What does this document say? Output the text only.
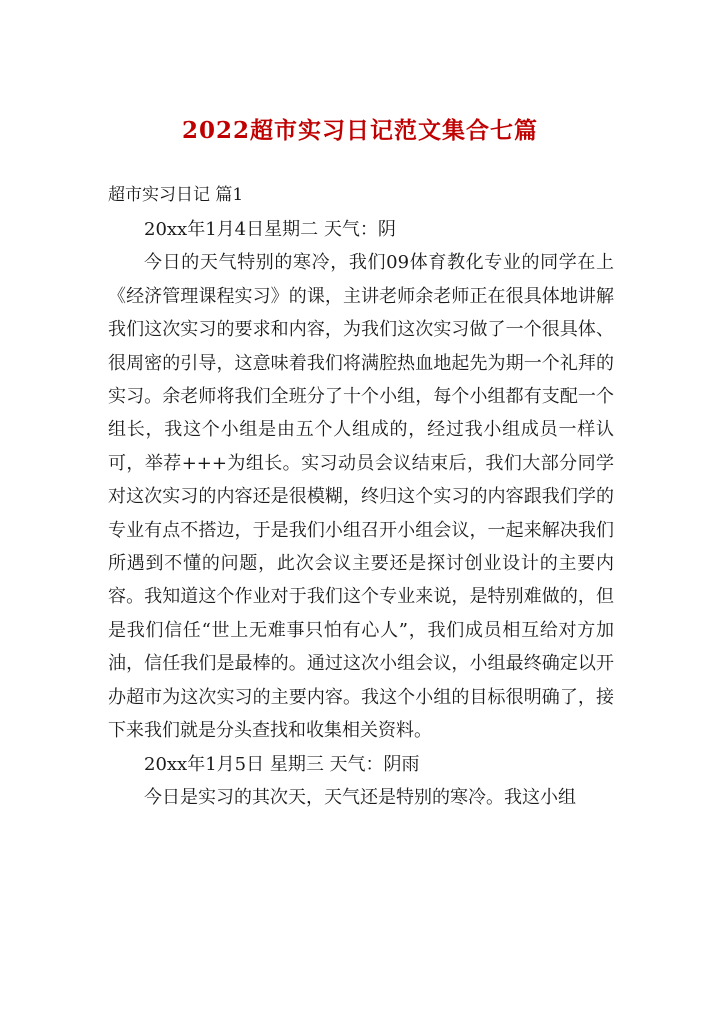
2022超市实习日记范文集合七篇
超市实习日记 篇1

20xx年1月4日星期二 天气：阴

今日的天气特别的寒冷，我们09体育教化专业的同学在上《经济管理课程实习》的课，主讲老师余老师正在很具体地讲解我们这次实习的要求和内容，为我们这次实习做了一个很具体、很周密的引导，这意味着我们将满腔热血地起先为期一个礼拜的实习。余老师将我们全班分了十个小组，每个小组都有支配一个组长，我这个小组是由五个人组成的，经过我小组成员一样认可，举荐+++为组长。实习动员会议结束后，我们大部分同学对这次实习的内容还是很模糊，终归这个实习的内容跟我们学的专业有点不搭边，于是我们小组召开小组会议，一起来解决我们所遇到不懂的问题，此次会议主要还是探讨创业设计的主要内容。我知道这个作业对于我们这个专业来说，是特别难做的，但是我们信任“世上无难事只怕有心人”，我们成员相互给对方加油，信任我们是最棒的。通过这次小组会议，小组最终确定以开办超市为这次实习的主要内容。我这个小组的目标很明确了，接下来我们就是分头查找和收集相关资料。

20xx年1月5日 星期三 天气：阴雨

今日是实习的其次天，天气还是特别的寒冷。我这小组
